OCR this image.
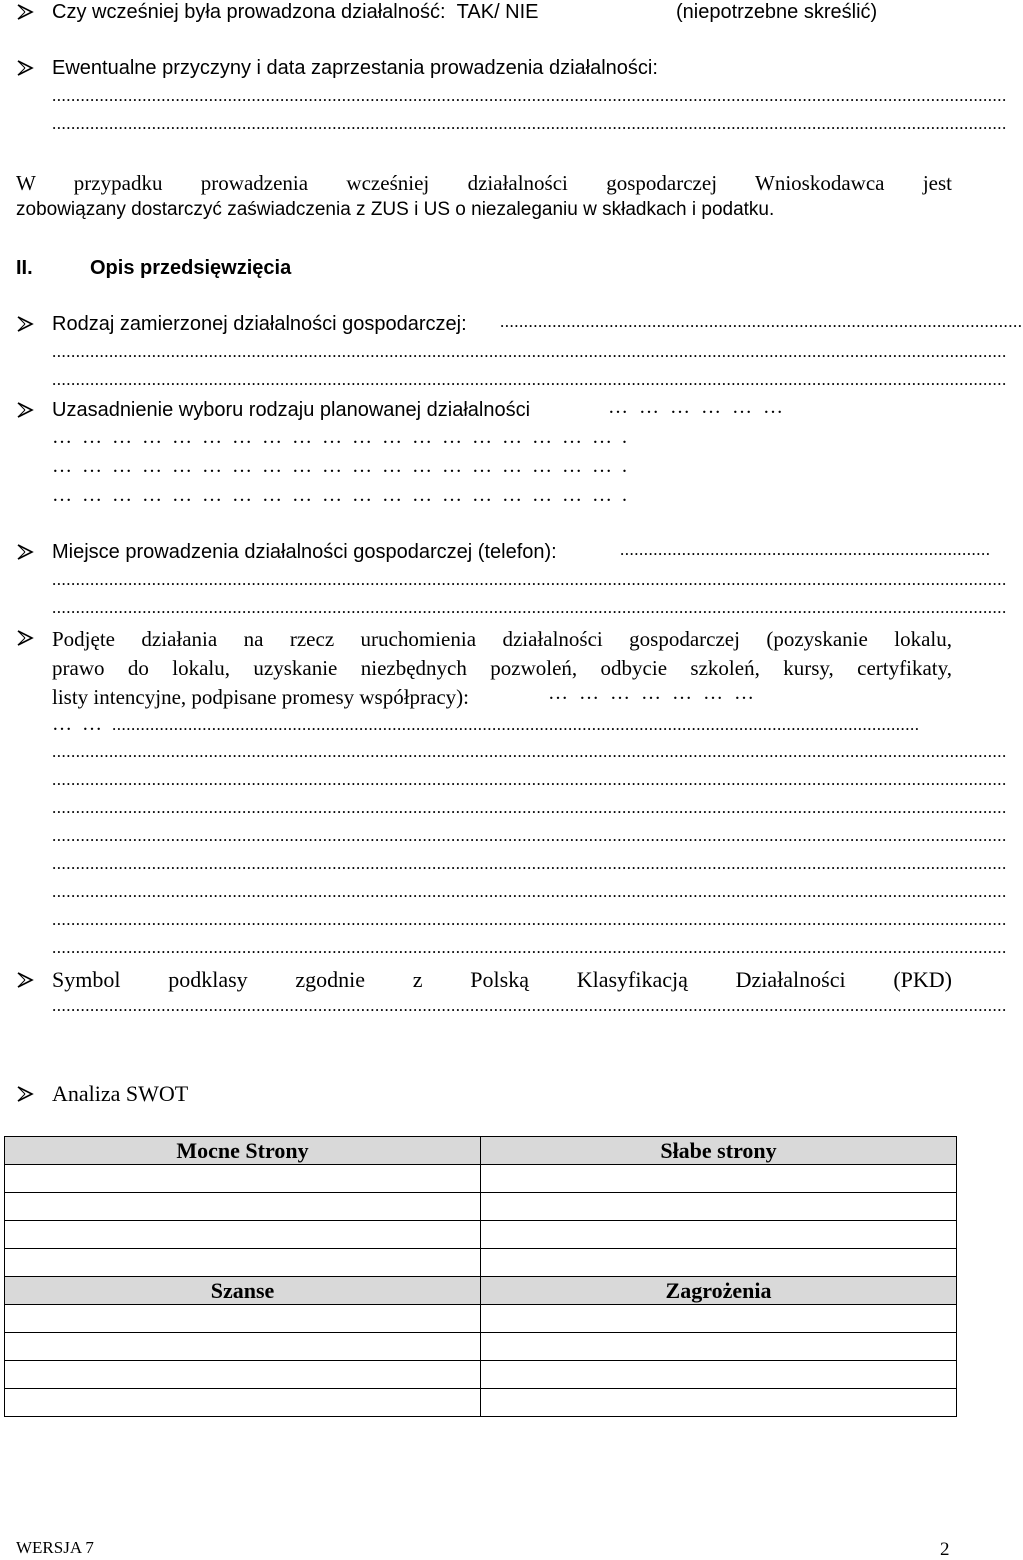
Czy wcześniej była prowadzona działalność: TAK/ NIE	(niepotrzebne skreślić)
Ewentualne przyczyny i data zaprzestania prowadzenia działalności:
.........................................................................................................................................................................................................
.........................................................................................................................................................................................................
W przypadku prowadzenia wcześniej działalności gospodarczej Wnioskodawca jest
zobowiązany dostarczyć zaświadczenia z ZUS i US o niezaleganiu w składkach i podatku.
II.	Opis przedsięwzięcia
Rodzaj zamierzonej działalności gospodarczej: ..............................................................................................................
.........................................................................................................................................................................................................
.........................................................................................................................................................................................................
Uzasadnienie wyboru rodzaju planowanej działalności	………………
………………………………………………….
………………………………………………….
………………………………………………….
Miejsce prowadzenia działalności gospodarczej (telefon):	..............................................................................
.........................................................................................................................................................................................................
.........................................................................................................................................................................................................
Podjęte działania na rzecz uruchomienia działalności gospodarczej (pozyskanie lokalu,
prawo do lokalu, uzyskanie niezbędnych pozwoleń, odbycie szkoleń, kursy, certyfikaty,
listy intencyjne, podpisane promesy współpracy):	…………………
……..........................................................................................................................................................................
.........................................................................................................................................................................................................
.........................................................................................................................................................................................................
.........................................................................................................................................................................................................
.........................................................................................................................................................................................................
.........................................................................................................................................................................................................
.........................................................................................................................................................................................................
.........................................................................................................................................................................................................
.........................................................................................................................................................................................................
Symbol podklasy zgodnie z Polską Klasyfikacją Działalności (PKD)
.........................................................................................................................................................................................................
Analiza SWOT
Mocne Strony	Słabe strony

Szanse	Zagrożenia

WERSJA 7	2
